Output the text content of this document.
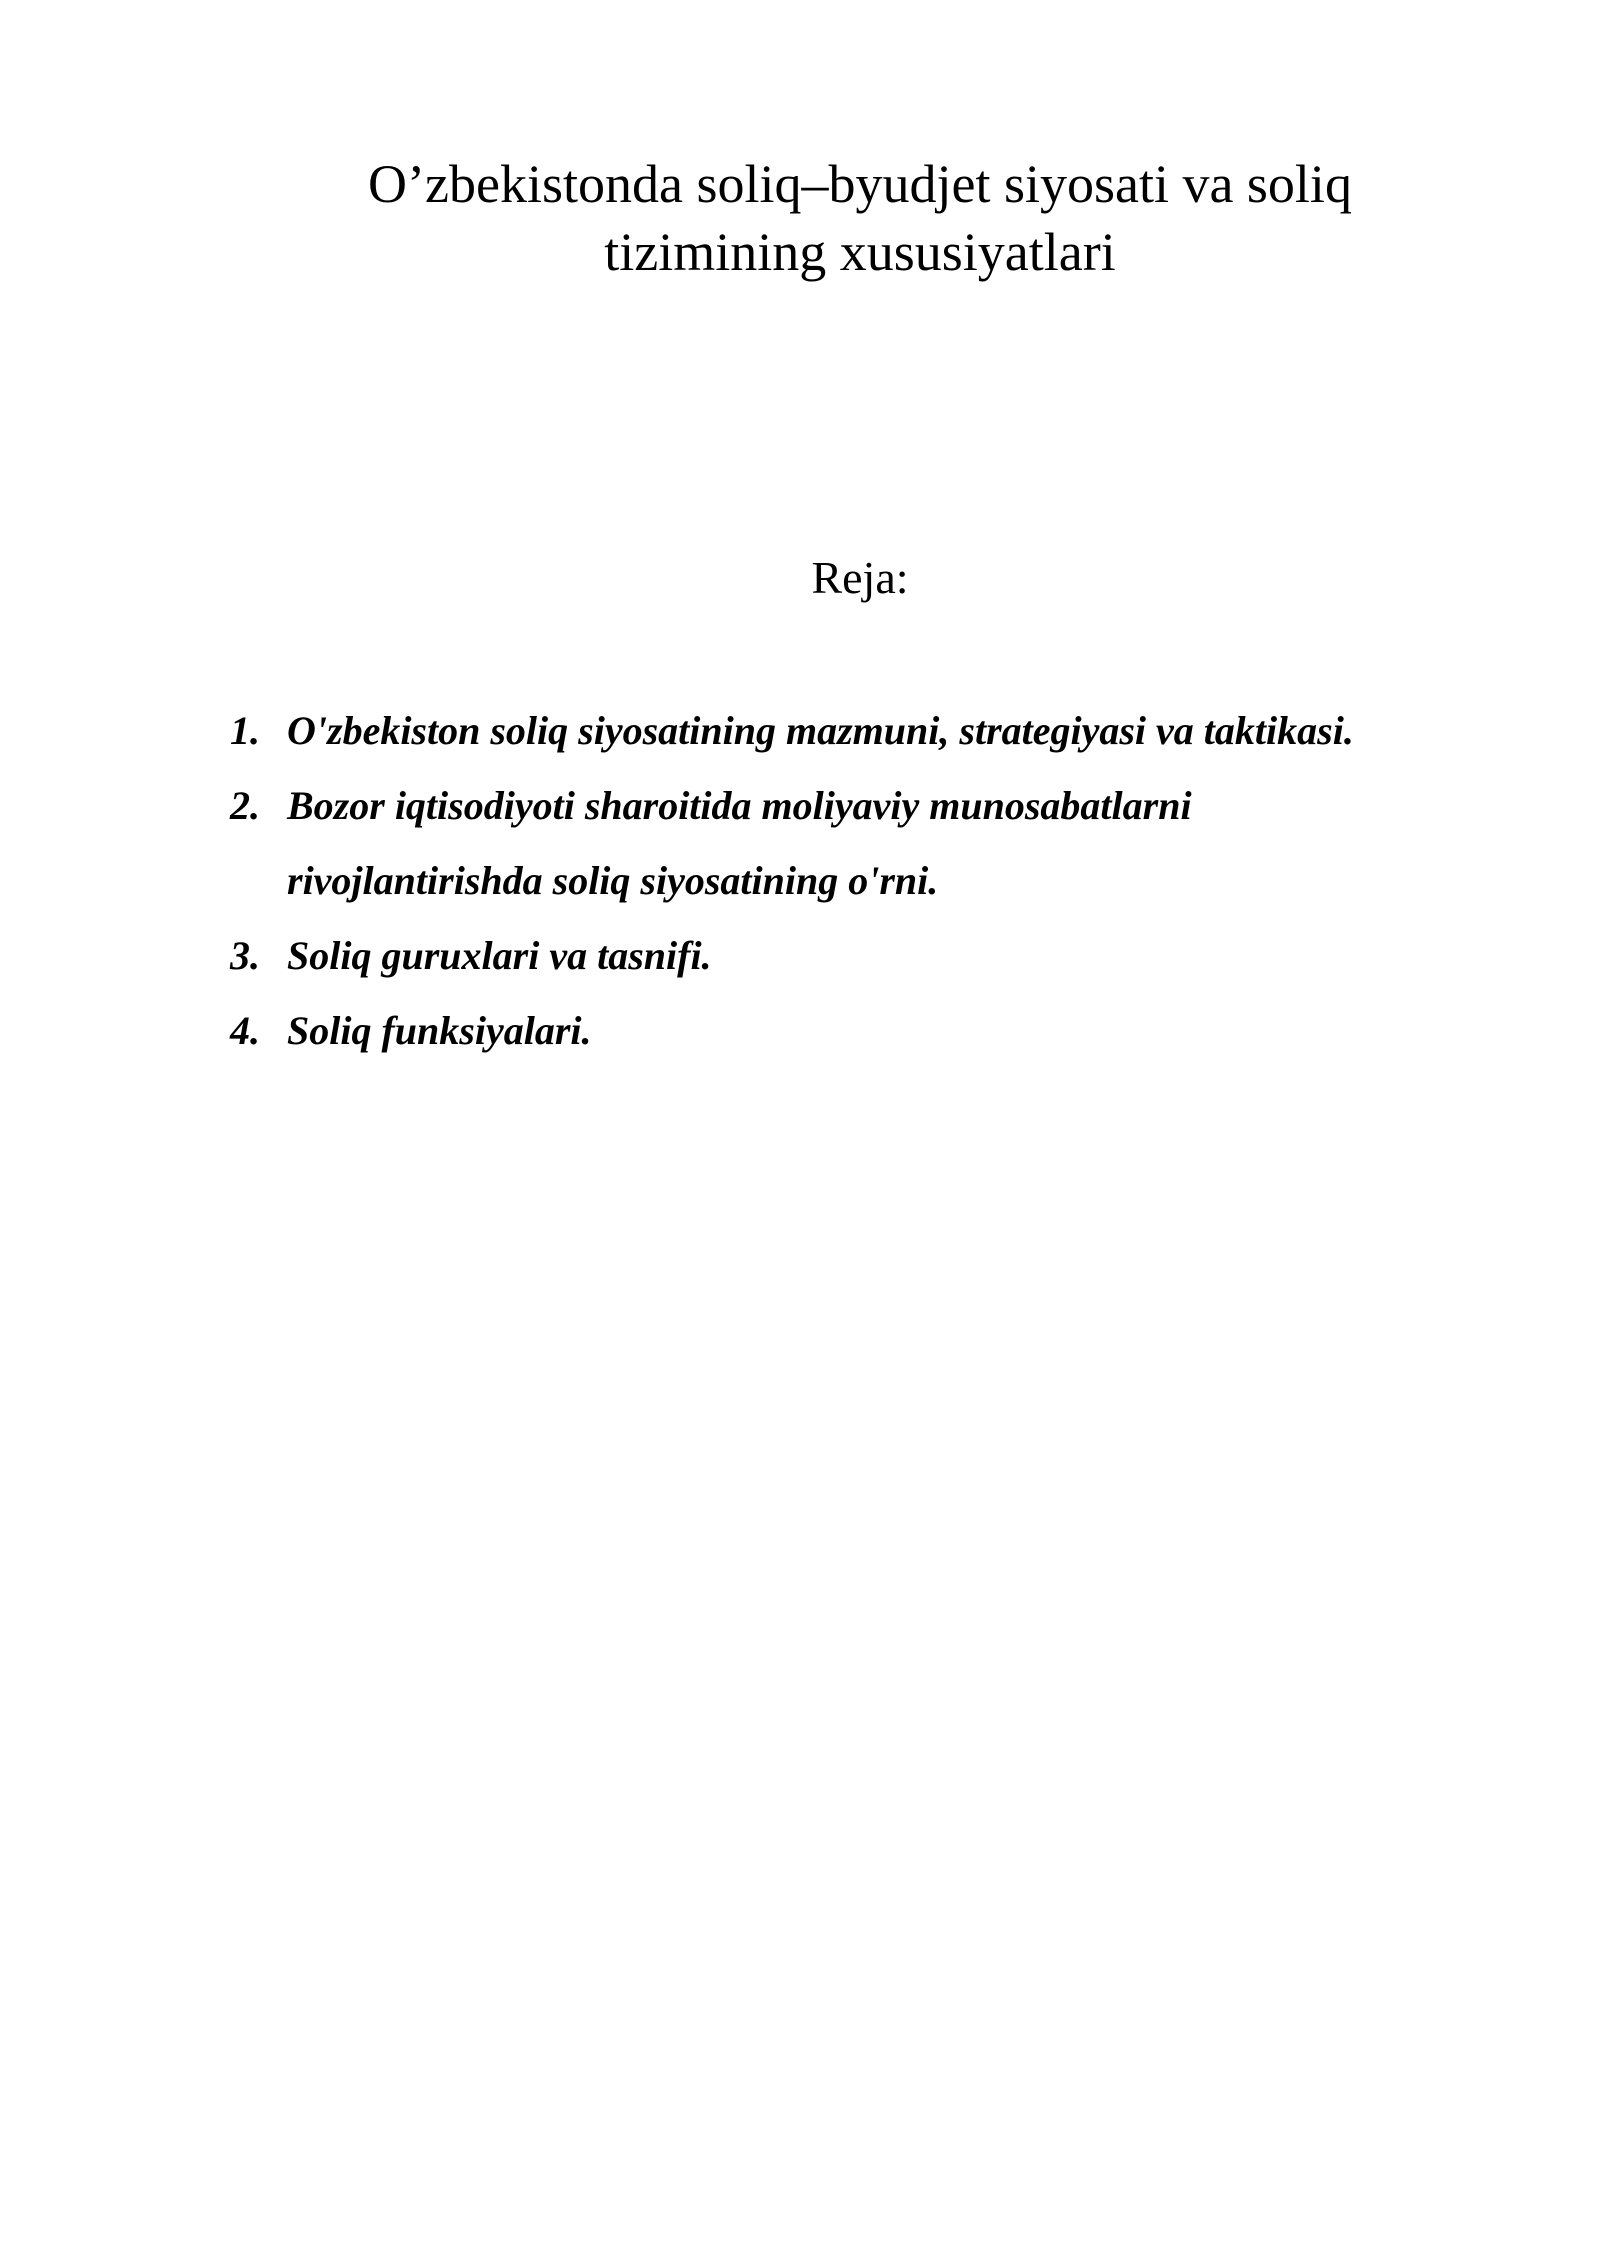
O’zbekistonda soliq–byudjet siyosati va soliq
tizimining xususiyatlari
Reja:
1. O'zbekiston soliq siyosatining mazmuni, strategiyasi va taktikasi.
2. Bozor iqtisodiyoti sharoitida moliyaviy munosabatlarni
rivojlantirishda soliq siyosatining o'rni.
3. Soliq guruxlari va tasnifi.
4. Soliq funksiyalari.
